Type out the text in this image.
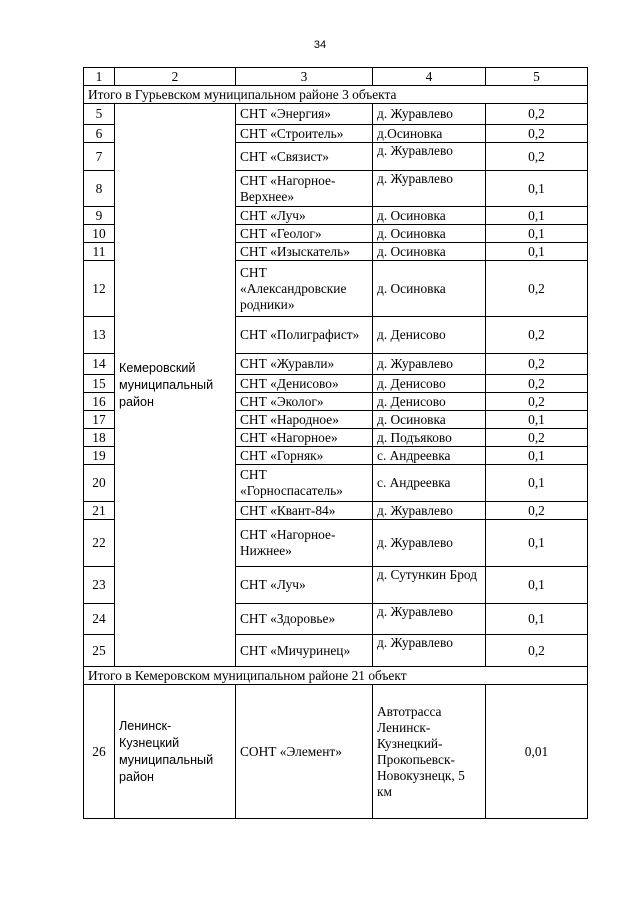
34
1	2	3	4	5
Итого в Гурьевском муниципальном районе 3 объекта				
5	Кемеровский муниципальный район	СНТ «Энергия»	д. Журавлево	0,2
6		СНТ «Строитель»	д.Осиновка	0,2
7		СНТ «Связист»	д. Журавлево	0,2
8		СНТ «Нагорное-Верхнее»	д. Журавлево	0,1
9		СНТ «Луч»	д. Осиновка	0,1
10		СНТ «Геолог»	д. Осиновка	0,1
11		СНТ «Изыскатель»	д. Осиновка	0,1
12		СНТ «Александровские родники»	д. Осиновка	0,2
13		СНТ «Полиграфист»	д. Денисово	0,2
14		СНТ «Журавли»	д. Журавлево	0,2
15		СНТ «Денисово»	д. Денисово	0,2
16		СНТ «Эколог»	д. Денисово	0,2
17		СНТ «Народное»	д. Осиновка	0,1
18		СНТ «Нагорное»	д. Подъяково	0,2
19		СНТ «Горняк»	с. Андреевка	0,1
20		СНТ «Горноспасатель»	с. Андреевка	0,1
21		СНТ «Квант-84»	д. Журавлево	0,2
22		СНТ «Нагорное-Нижнее»	д. Журавлево	0,1
23		СНТ «Луч»	д. Сутункин Брод	0,1
24		СНТ «Здоровье»	д. Журавлево	0,1
25		СНТ «Мичуринец»	д. Журавлево	0,2
Итого в Кемеровском муниципальном районе 21 объект				
26	Ленинск-Кузнецкий муниципальный район	СОНТ «Элемент»	Автотрасса Ленинск-Кузнецкий-Прокопьевск-Новокузнецк, 5 км	0,01
